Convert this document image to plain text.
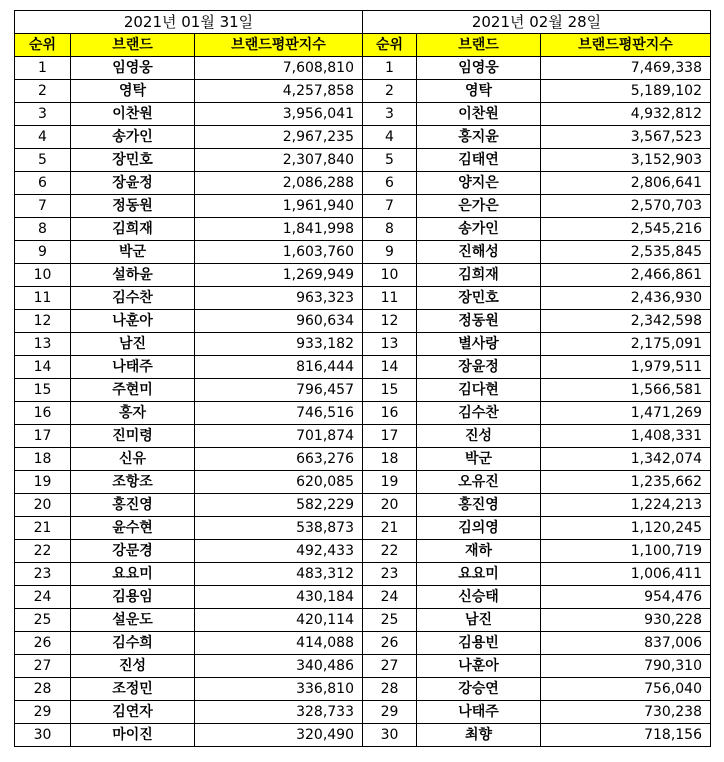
2021년 01월 31일		
순위	브랜드	브랜드평판지수
1	임영웅	7,608,810
2	영탁	4,257,858
3	이찬원	3,956,041
4	송가인	2,967,235
5	장민호	2,307,840
6	장윤정	2,086,288
7	정동원	1,961,940
8	김희재	1,841,998
9	박군	1,603,760
10	설하윤	1,269,949
11	김수찬	963,323
12	나훈아	960,634
13	남진	933,182
14	나태주	816,444
15	주현미	796,457
16	홍자	746,516
17	진미령	701,874
18	신유	663,276
19	조항조	620,085
20	홍진영	582,229
21	윤수현	538,873
22	강문경	492,433
23	요요미	483,312
24	김용임	430,184
25	설운도	420,114
26	김수희	414,088
27	진성	340,486
28	조정민	336,810
29	김연자	328,733
30	마이진	320,490
2021년 02월 28일		
순위	브랜드	브랜드평판지수
1	임영웅	7,469,338
2	영탁	5,189,102
3	이찬원	4,932,812
4	홍지윤	3,567,523
5	김태연	3,152,903
6	양지은	2,806,641
7	은가은	2,570,703
8	송가인	2,545,216
9	진해성	2,535,845
10	김희재	2,466,861
11	장민호	2,436,930
12	정동원	2,342,598
13	별사랑	2,175,091
14	장윤정	1,979,511
15	김다현	1,566,581
16	김수찬	1,471,269
17	진성	1,408,331
18	박군	1,342,074
19	오유진	1,235,662
20	홍진영	1,224,213
21	김의영	1,120,245
22	재하	1,100,719
23	요요미	1,006,411
24	신승태	954,476
25	남진	930,228
26	김용빈	837,006
27	나훈아	790,310
28	강승연	756,040
29	나태주	730,238
30	최향	718,156
